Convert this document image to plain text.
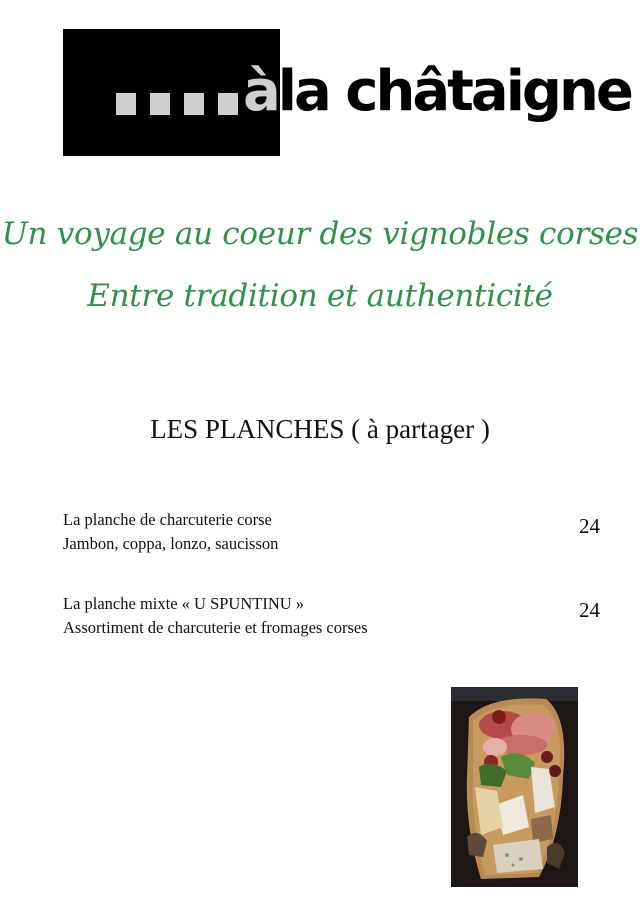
àla châtaigne
Un voyage au coeur des vignobles corses
Entre tradition et authenticité
LES PLANCHES ( à partager )
La planche de charcuterie corse
Jambon, coppa, lonzo, saucisson
24
La planche mixte « U SPUNTINU »
Assortiment de charcuterie et fromages corses
24
